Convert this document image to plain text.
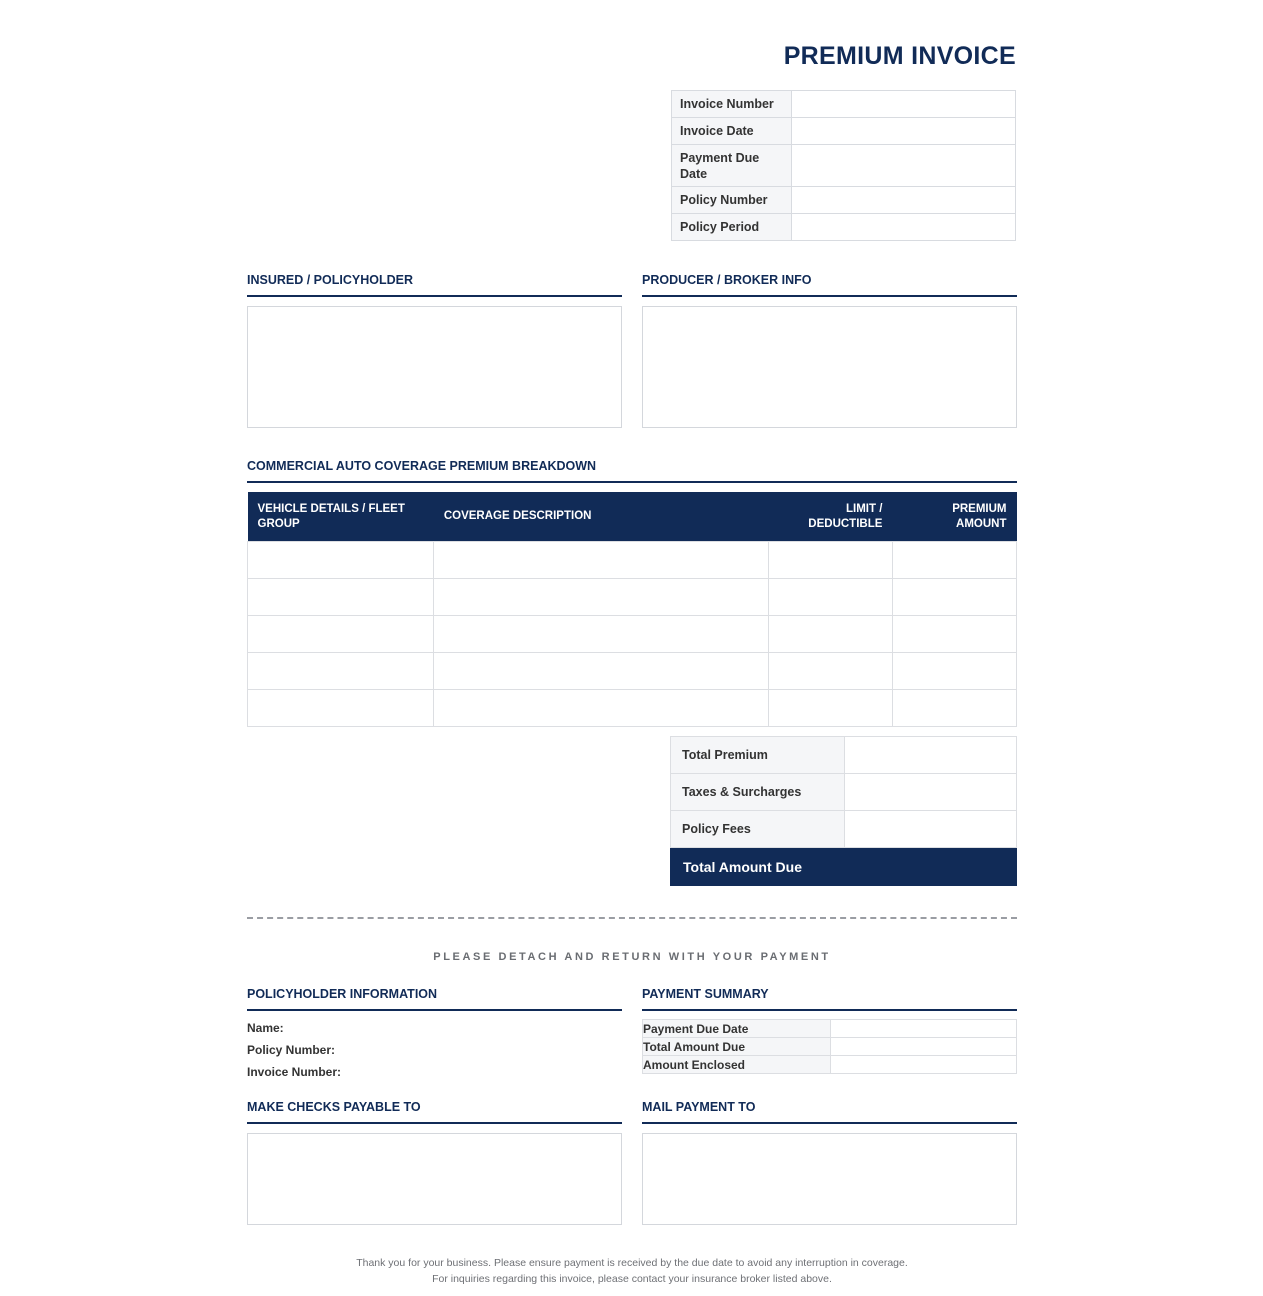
PREMIUM INVOICE
Invoice Number	
Invoice Date	
Payment Due Date	
Policy Number	
Policy Period	
INSURED / POLICYHOLDER	PRODUCER / BROKER INFO
COMMERCIAL AUTO COVERAGE PREMIUM BREAKDOWN
VEHICLE DETAILS / FLEET GROUP	COVERAGE DESCRIPTION	LIMIT / DEDUCTIBLE	PREMIUM AMOUNT

Total Premium	
Taxes & Surcharges	
Policy Fees	
Total Amount Due	
PLEASE DETACH AND RETURN WITH YOUR PAYMENT
POLICYHOLDER INFORMATION
Name:
Policy Number:
Invoice Number:
PAYMENT SUMMARY
Payment Due Date	
Total Amount Due	
Amount Enclosed	
MAKE CHECKS PAYABLE TO	MAIL PAYMENT TO
Thank you for your business. Please ensure payment is received by the due date to avoid any interruption in coverage.
For inquiries regarding this invoice, please contact your insurance broker listed above.
